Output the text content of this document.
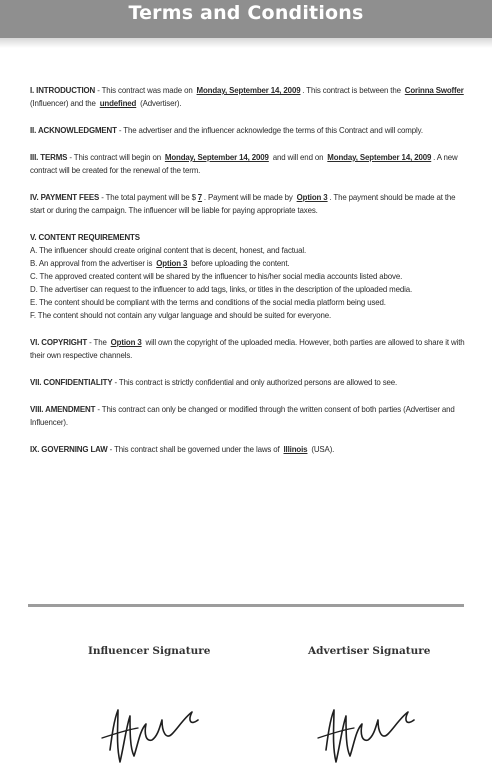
Terms and Conditions
I. INTRODUCTION - This contract was made on Monday, September 14, 2009 . This contract is between the Corinna Swoffer (Influencer) and the undefined (Advertiser).
II. ACKNOWLEDGMENT - The advertiser and the influencer acknowledge the terms of this Contract and will comply.
III. TERMS - This contract will begin on Monday, September 14, 2009 and will end on Monday, September 14, 2009 . A new contract will be created for the renewal of the term.
IV. PAYMENT FEES - The total payment will be $ 7 . Payment will be made by Option 3 . The payment should be made at the start or during the campaign. The influencer will be liable for paying appropriate taxes.
V. CONTENT REQUIREMENTS
A. The influencer should create original content that is decent, honest, and factual.
B. An approval from the advertiser is Option 3 before uploading the content.
C. The approved created content will be shared by the influencer to his/her social media accounts listed above.
D. The advertiser can request to the influencer to add tags, links, or titles in the description of the uploaded media.
E. The content should be compliant with the terms and conditions of the social media platform being used.
F. The content should not contain any vulgar language and should be suited for everyone.
VI. COPYRIGHT - The Option 3 will own the copyright of the uploaded media. However, both parties are allowed to share it with their own respective channels.
VII. CONFIDENTIALITY - This contract is strictly confidential and only authorized persons are allowed to see.
VIII. AMENDMENT - This contract can only be changed or modified through the written consent of both parties (Advertiser and Influencer).
IX. GOVERNING LAW - This contract shall be governed under the laws of Illinois (USA).
Influencer Signature	Advertiser Signature
